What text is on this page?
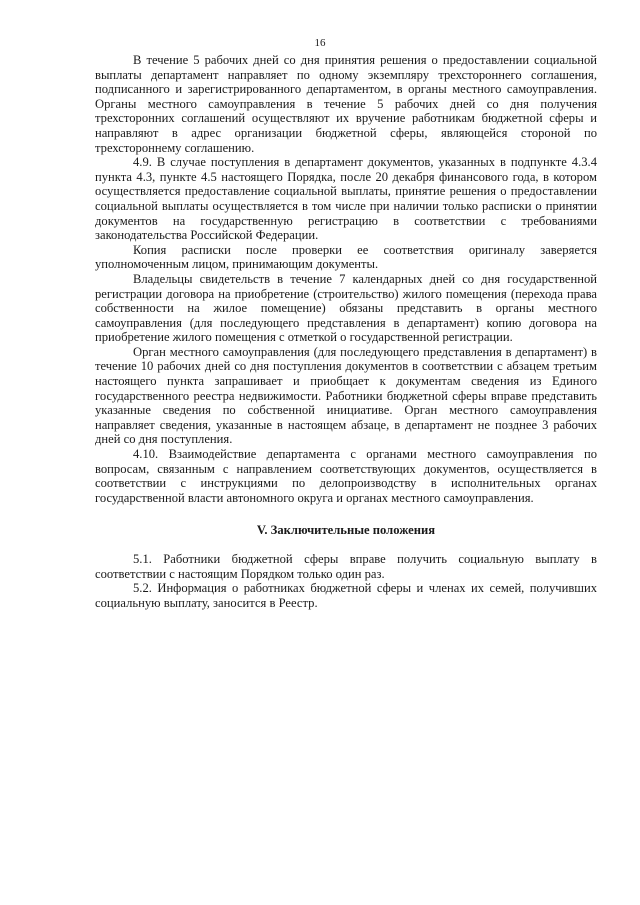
16

В течение 5 рабочих дней со дня принятия решения о предоставлении социальной выплаты департамент направляет по одному экземпляру трехстороннего соглашения, подписанного и зарегистрированного департаментом, в органы местного самоуправления. Органы местного самоуправления в течение 5 рабочих дней со дня получения трехсторонних соглашений осуществляют их вручение работникам бюджетной сферы и направляют в адрес организации бюджетной сферы, являющейся стороной по трехстороннему соглашению.

4.9. В случае поступления в департамент документов, указанных в подпункте 4.3.4 пункта 4.3, пункте 4.5 настоящего Порядка, после 20 декабря финансового года, в котором осуществляется предоставление социальной выплаты, принятие решения о предоставлении социальной выплаты осуществляется в том числе при наличии только расписки о принятии документов на государственную регистрацию в соответствии с требованиями законодательства Российской Федерации.

Копия расписки после проверки ее соответствия оригиналу заверяется уполномоченным лицом, принимающим документы.

Владельцы свидетельств в течение 7 календарных дней со дня государственной регистрации договора на приобретение (строительство) жилого помещения (перехода права собственности на жилое помещение) обязаны представить в органы местного самоуправления (для последующего представления в департамент) копию договора на приобретение жилого помещения с отметкой о государственной регистрации.

Орган местного самоуправления (для последующего представления в департамент) в течение 10 рабочих дней со дня поступления документов в соответствии с абзацем третьим настоящего пункта запрашивает и приобщает к документам сведения из Единого государственного реестра недвижимости. Работники бюджетной сферы вправе представить указанные сведения по собственной инициативе. Орган местного самоуправления направляет сведения, указанные в настоящем абзаце, в департамент не позднее 3 рабочих дней со дня поступления.

4.10. Взаимодействие департамента с органами местного самоуправления по вопросам, связанным с направлением соответствующих документов, осуществляется в соответствии с инструкциями по делопроизводству в исполнительных органах государственной власти автономного округа и органах местного самоуправления.

V. Заключительные положения

5.1. Работники бюджетной сферы вправе получить социальную выплату в соответствии с настоящим Порядком только один раз.

5.2. Информация о работниках бюджетной сферы и членах их семей, получивших социальную выплату, заносится в Реестр.
